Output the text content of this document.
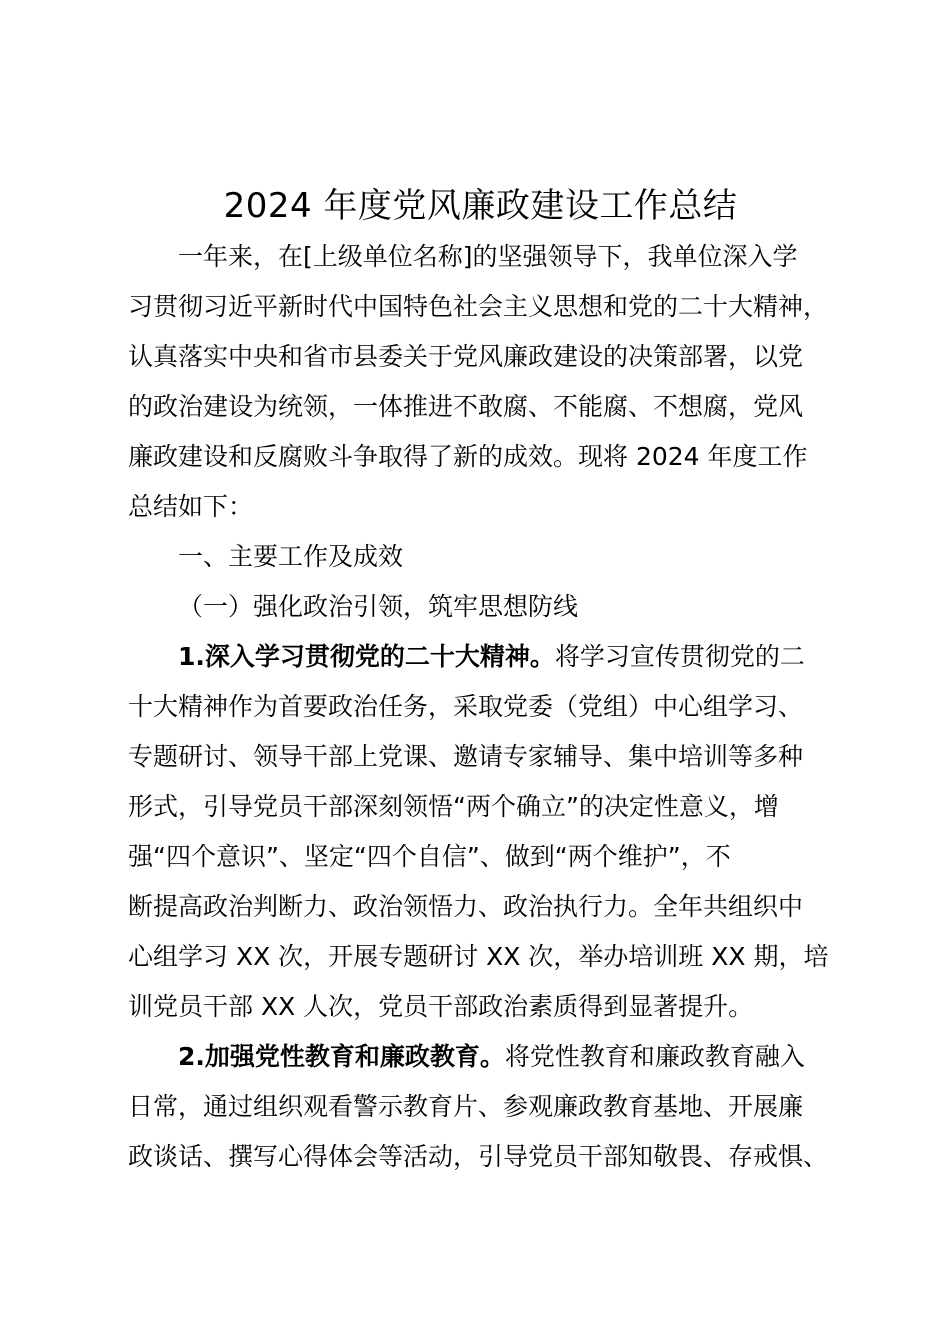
2024 年度党风廉政建设工作总结
一年来，在[上级单位名称]的坚强领导下，我单位深入学
习贯彻习近平新时代中国特色社会主义思想和党的二十大精神，
认真落实中央和省市县委关于党风廉政建设的决策部署，以党
的政治建设为统领，一体推进不敢腐、不能腐、不想腐，党风
廉政建设和反腐败斗争取得了新的成效。现将 2024 年度工作
总结如下：
一、主要工作及成效
（一）强化政治引领，筑牢思想防线
1.深入学习贯彻党的二十大精神。将学习宣传贯彻党的二
十大精神作为首要政治任务，采取党委（党组）中心组学习、
专题研讨、领导干部上党课、邀请专家辅导、集中培训等多种
形式，引导党员干部深刻领悟“两个确立”的决定性意义，增
强“四个意识”、坚定“四个自信”、做到“两个维护”，不
断提高政治判断力、政治领悟力、政治执行力。全年共组织中
心组学习 XX 次，开展专题研讨 XX 次，举办培训班 XX 期，培
训党员干部 XX 人次，党员干部政治素质得到显著提升。
2.加强党性教育和廉政教育。将党性教育和廉政教育融入
日常，通过组织观看警示教育片、参观廉政教育基地、开展廉
政谈话、撰写心得体会等活动，引导党员干部知敬畏、存戒惧、
